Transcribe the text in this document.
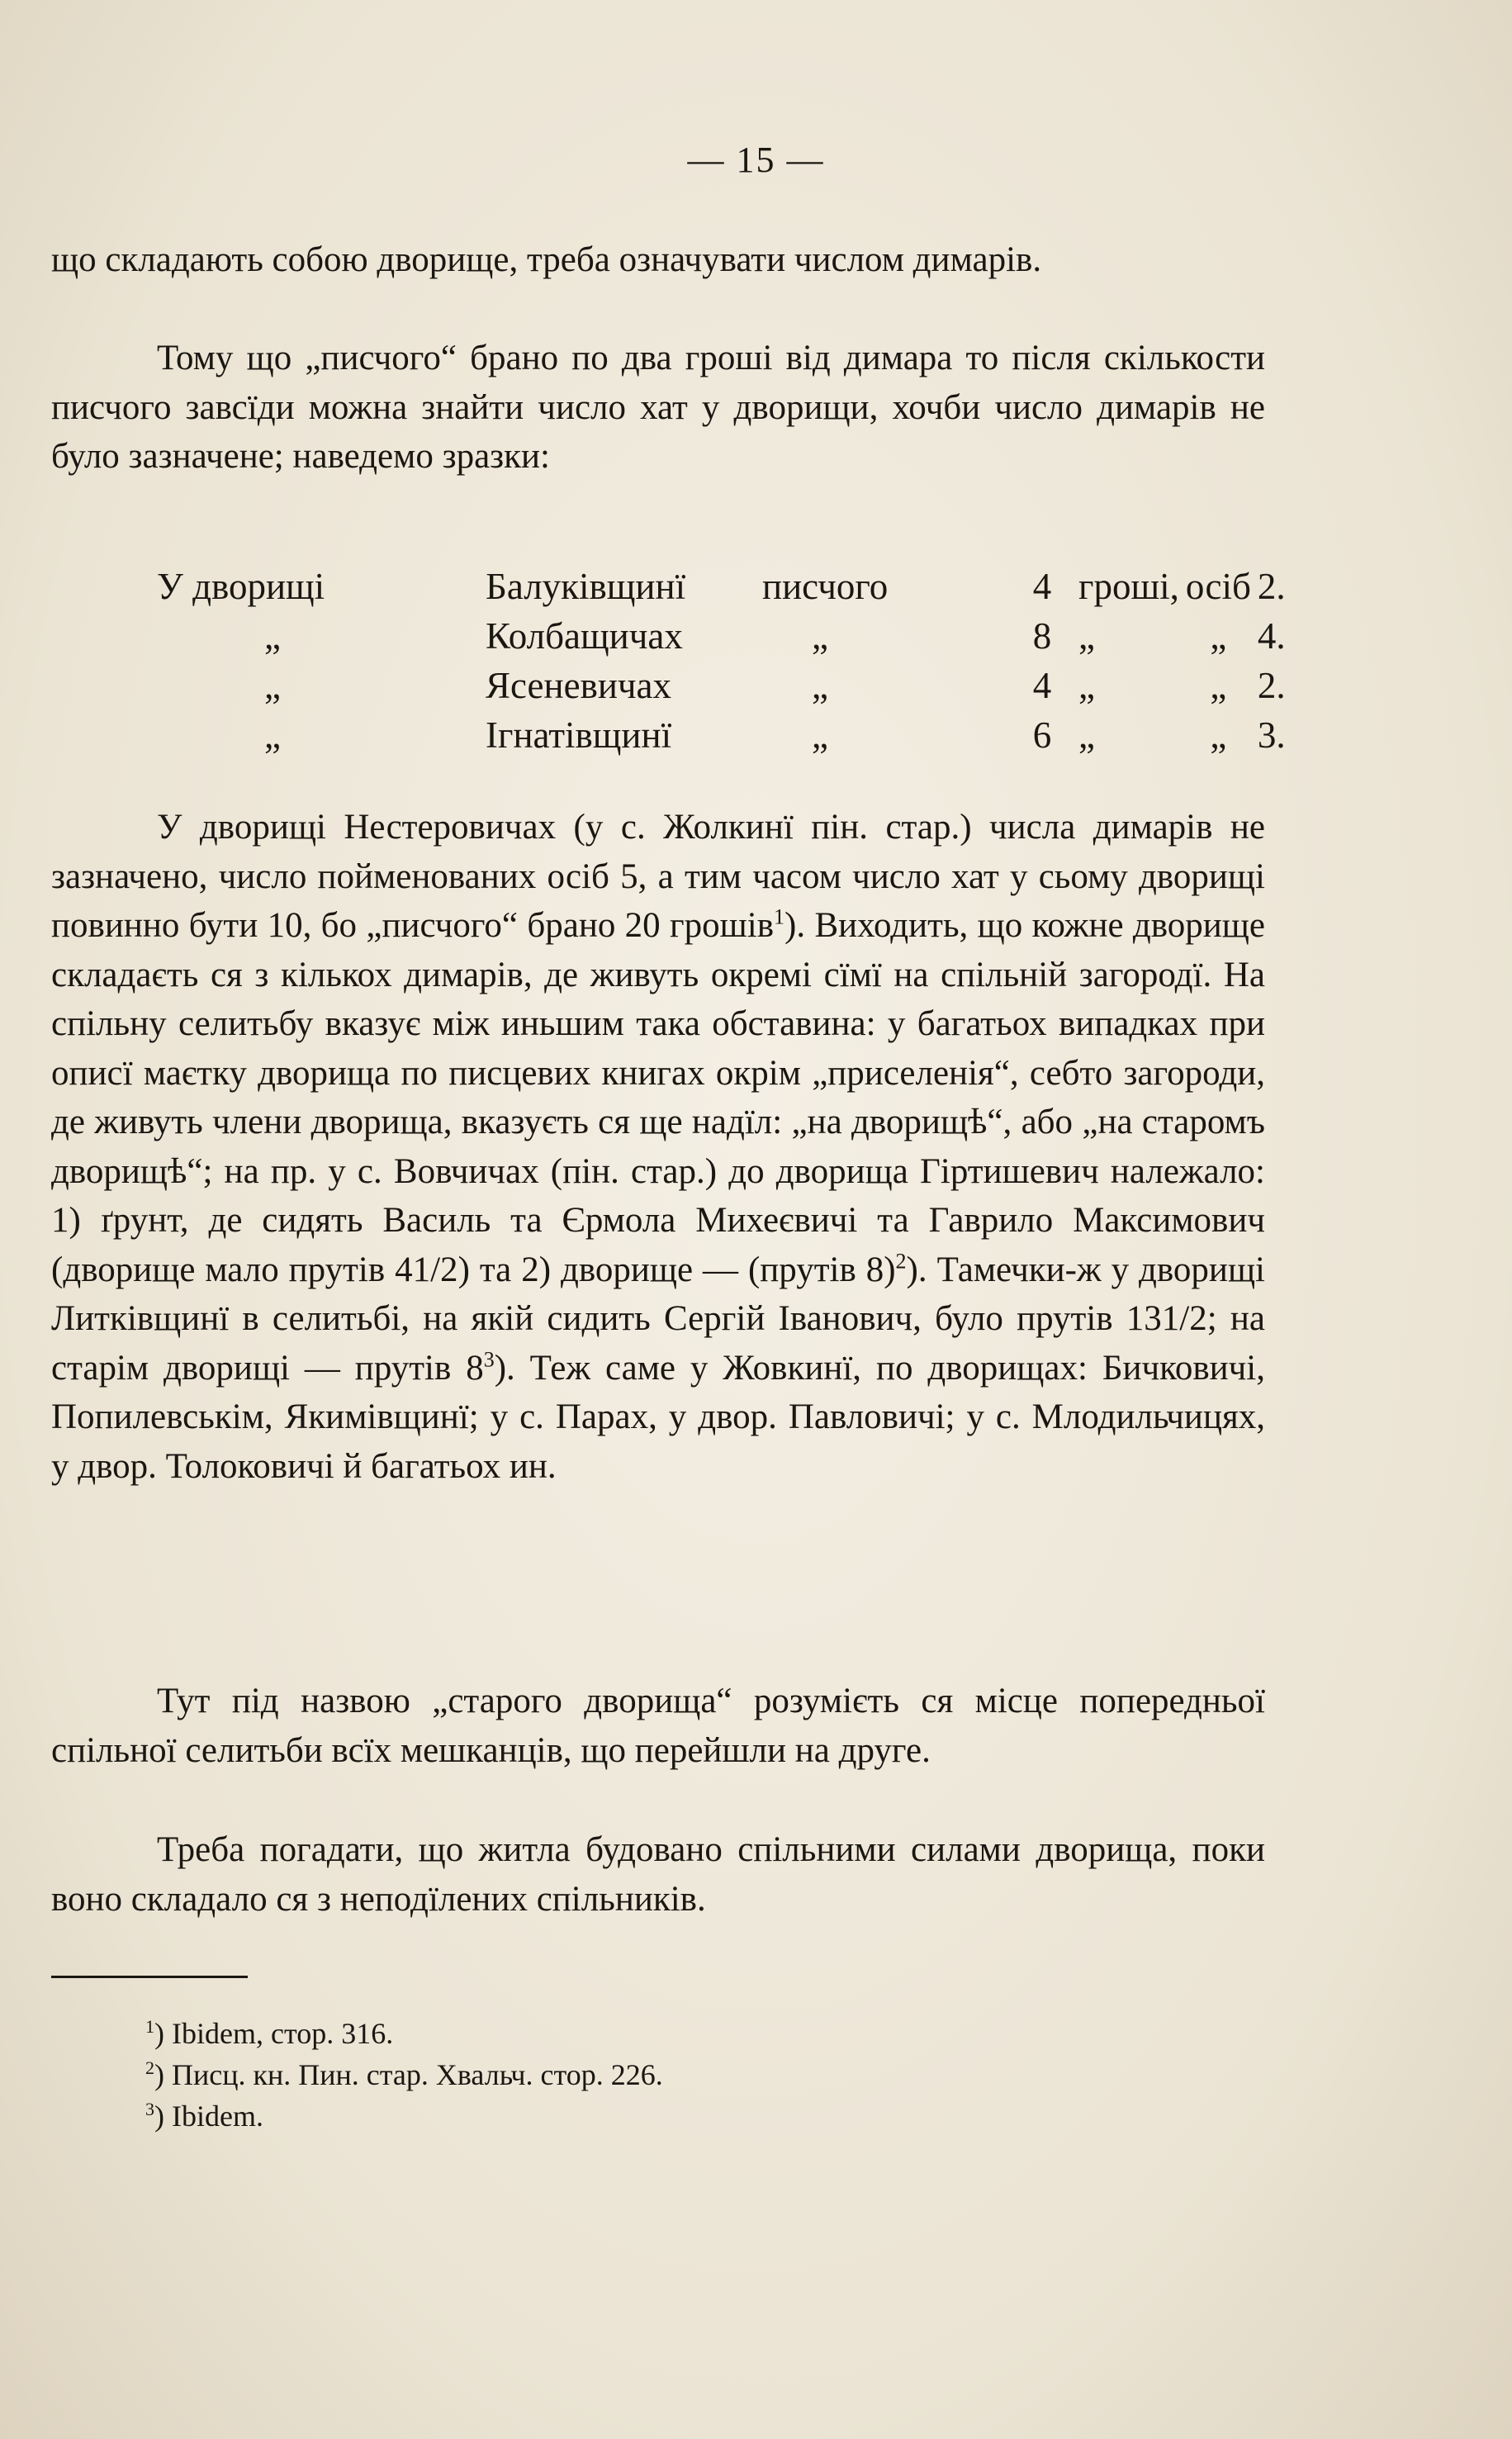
— 15 —
що складають собою дворище, треба означувати числом димарів.
Тому що „писчого“ брано по два гроші від димара то після скількости писчого завсїди можна знайти число хат у дворищи, хочби число димарів не було зазначене; наведемо зразки:
У дворищі	Балуківщинї	писчого	4	гроші,	осіб	2.
„	Колбащичах	„	8	„	„	4.
„	Ясеневичах	„	4	„	„	2.
„	Ігнатівщинї	„	6	„	„	3.
У дворищі Нестеровичах (у с. Жолкинї пін. стар.) числа димарів не зазначено, число пойменованих осіб 5, а тим часом число хат у сьому дворищі повинно бути 10, бо „писчого“ брано 20 грошів$^1$). Виходить, що кожне дворище складаєть ся з кількох димарів, де живуть окремі сїмї на спільній загородї. На спільну селитьбу вказує між иньшим така обставина: у багатьох випадках при описї маєтку дворища по писцевих книгах окрім „приселенія“, себто загороди, де живуть члени дворища, вказуєть ся ще надїл: „на дворищѣ“, або „на старомъ дворищѣ“; на пр. у с. Вовчичах (пін. стар.) до дворища Гіртишевич належало: 1) ґрунт, де сидять Василь та Єрмола Михеєвичі та Гаврило Максимович (дворище мало прутів 41/2) та 2) дворище — (прутів 8)$^2$). Тамечки-ж у дворищі Литківщинї в селитьбі, на якій сидить Сергій Іванович, було прутів 131/2; на старім дворищі — прутів $8^3$). Теж саме у Жовкинї, по дворищах: Бичковичі, Попилевськім, Якимівщинї; у с. Парах, у двор. Павловичі; у с. Млодильчицях, у двор. Толоковичі й багатьох ин.
Тут під назвою „старого дворища“ розумієть ся місце попередньої спільної селитьби всїх мешканців, що перейшли на друге.
Треба погадати, що житла будовано спільними силами дворища, поки воно складало ся з неподїлених спільників.
$^1$) Ibidem, стор. 316.
$^2$) Писц. кн. Пин. стар. Хвальч. стор. 226.
$^3$) Ibidem.
